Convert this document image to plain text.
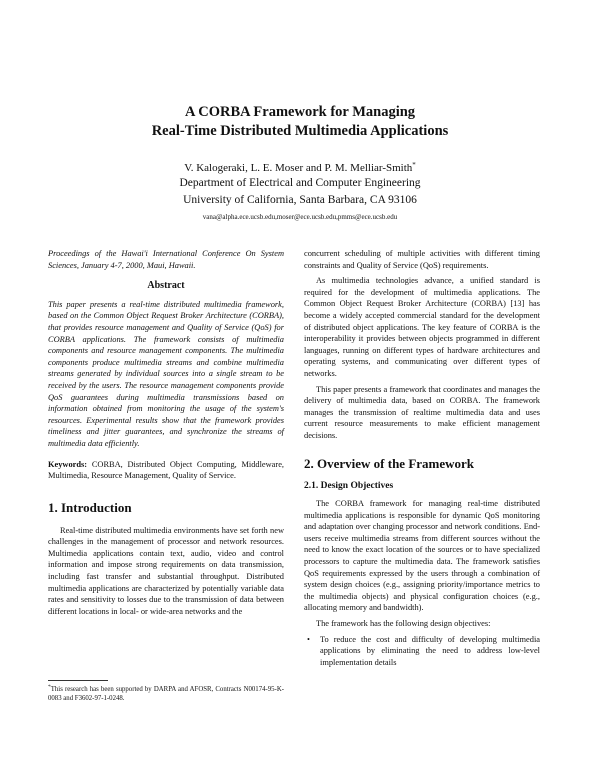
A CORBA Framework for Managing
Real-Time Distributed Multimedia Applications
V. Kalogeraki, L. E. Moser and P. M. Melliar-Smith*
Department of Electrical and Computer Engineering
University of California, Santa Barbara, CA 93106
vana@alpha.ece.ucsb.edu,moser@ece.ucsb.edu,pmms@ece.ucsb.edu

Proceedings of the Hawai'i International Conference On System Sciences, January 4-7, 2000, Maui, Hawaii.

Abstract

This paper presents a real-time distributed multimedia framework, based on the Common Object Request Broker Architecture (CORBA), that provides resource management and Quality of Service (QoS) for CORBA applications. The framework consists of multimedia components and resource management components. The multimedia components produce multimedia streams and combine multimedia streams generated by individual sources into a single stream to be received by the users. The resource management components provide QoS guarantees during multimedia transmissions based on information obtained from monitoring the usage of the system's resources. Experimental results show that the framework provides timeliness and jitter guarantees, and synchronize the streams of multimedia data efficiently.

Keywords: CORBA, Distributed Object Computing, Middleware, Multimedia, Resource Management, Quality of Service.

1. Introduction

Real-time distributed multimedia environments have set forth new challenges in the management of processor and network resources. Multimedia applications contain text, audio, video and control information and impose strong requirements on data transmission, including fast transfer and substantial throughput. Distributed multimedia applications are characterized by potentially variable data rates and sensitivity to losses due to the transmission of data between different locations in local- or wide-area networks and the

*This research has been supported by DARPA and AFOSR, Contracts N00174-95-K-0083 and F3602-97-1-0248.

concurrent scheduling of multiple activities with different timing constraints and Quality of Service (QoS) requirements.

As multimedia technologies advance, a unified standard is required for the development of multimedia applications. The Common Object Request Broker Architecture (CORBA) [13] has become a widely accepted commercial standard for the development of distributed object applications. The key feature of CORBA is the interoperability it provides between objects programmed in different languages, running on different types of hardware architectures and operating systems, and communicating over different types of networks.

This paper presents a framework that coordinates and manages the delivery of multimedia data, based on CORBA. The framework manages the transmission of realtime multimedia data and uses current resource measurements to make efficient management decisions.

2. Overview of the Framework
2.1. Design Objectives

The CORBA framework for managing real-time distributed multimedia applications is responsible for dynamic QoS monitoring and adaptation over changing processor and network conditions. End-users receive multimedia streams from different sources without the need to know the exact location of the sources or to have specialized processors to capture the multimedia data. The framework satisfies QoS requirements expressed by the users through a combination of system design choices (e.g., assigning priority/importance metrics to the multimedia objects) and physical configuration choices (e.g., allocating memory and bandwidth).

The framework has the following design objectives:

• To reduce the cost and difficulty of developing multimedia applications by eliminating the need to address low-level implementation details
